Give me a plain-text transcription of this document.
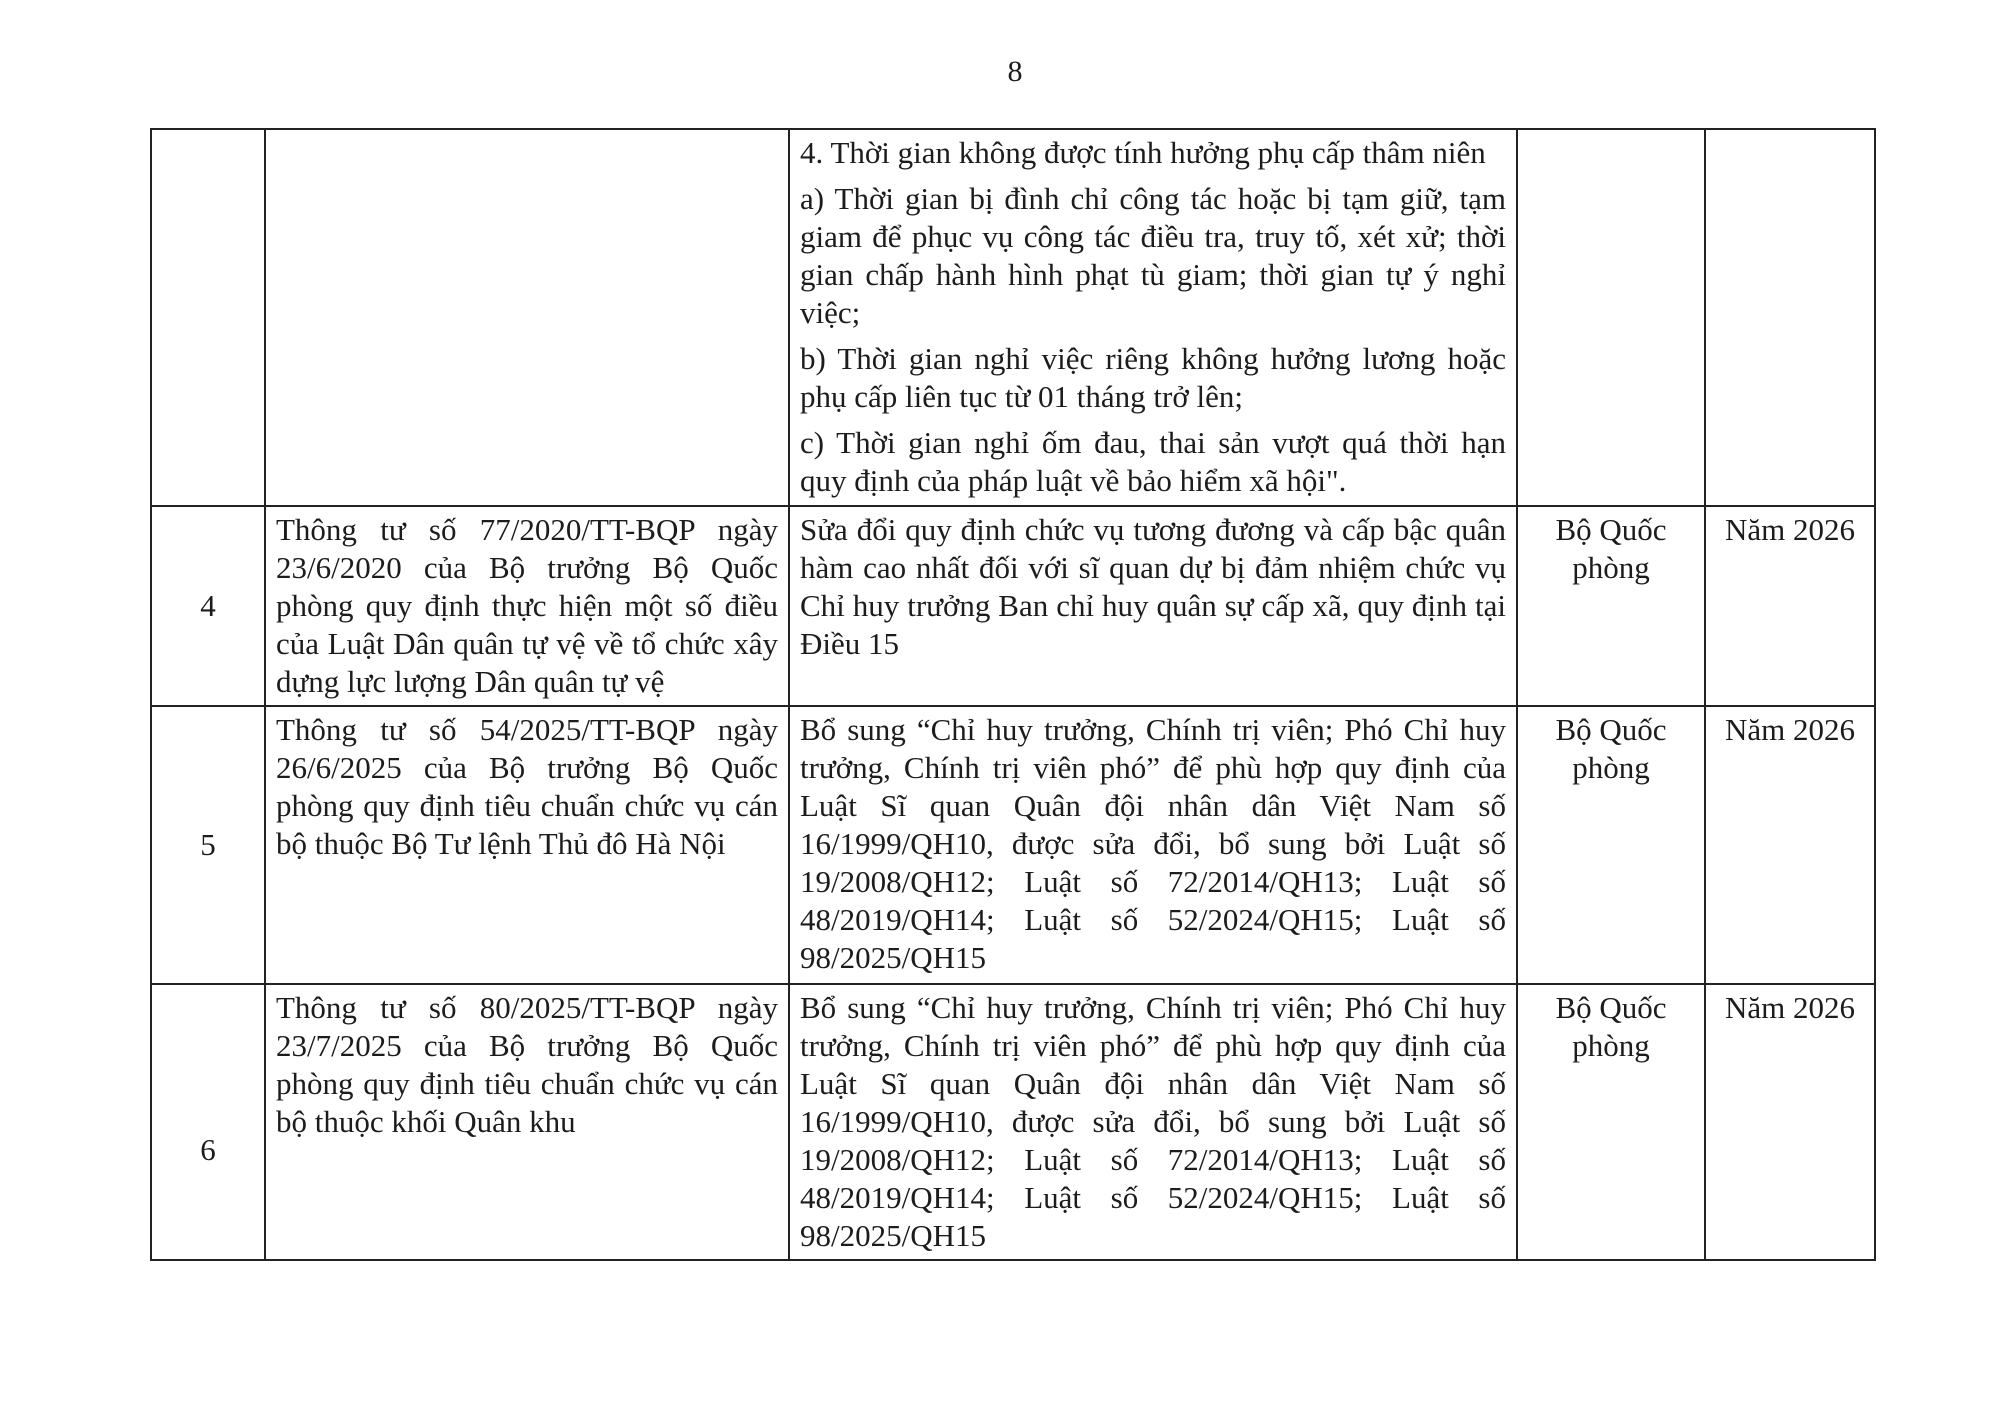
8

		4. Thời gian không được tính hưởng phụ cấp thâm niên

a) Thời gian bị đình chỉ công tác hoặc bị tạm giữ, tạm giam để phục vụ công tác điều tra, truy tố, xét xử; thời gian chấp hành hình phạt tù giam; thời gian tự ý nghỉ việc;

b) Thời gian nghỉ việc riêng không hưởng lương hoặc phụ cấp liên tục từ 01 tháng trở lên;

c) Thời gian nghỉ ốm đau, thai sản vượt quá thời hạn quy định của pháp luật về bảo hiểm xã hội".		

4	Thông tư số 77/2020/TT-BQP ngày 23/6/2020 của Bộ trưởng Bộ Quốc phòng quy định thực hiện một số điều của Luật Dân quân tự vệ về tổ chức xây dựng lực lượng Dân quân tự vệ	Sửa đổi quy định chức vụ tương đương và cấp bậc quân hàm cao nhất đối với sĩ quan dự bị đảm nhiệm chức vụ Chỉ huy trưởng Ban chỉ huy quân sự cấp xã, quy định tại Điều 15	Bộ Quốc phòng	Năm 2026
5	Thông tư số 54/2025/TT-BQP ngày 26/6/2025 của Bộ trưởng Bộ Quốc phòng quy định tiêu chuẩn chức vụ cán bộ thuộc Bộ Tư lệnh Thủ đô Hà Nội	Bổ sung “Chỉ huy trưởng, Chính trị viên; Phó Chỉ huy trưởng, Chính trị viên phó” để phù hợp quy định của Luật Sĩ quan Quân đội nhân dân Việt Nam số 16/1999/QH10, được sửa đổi, bổ sung bởi Luật số 19/2008/QH12; Luật số 72/2014/QH13; Luật số 48/2019/QH14; Luật số 52/2024/QH15; Luật số 98/2025/QH15	Bộ Quốc phòng	Năm 2026
6	Thông tư số 80/2025/TT-BQP ngày 23/7/2025 của Bộ trưởng Bộ Quốc phòng quy định tiêu chuẩn chức vụ cán bộ thuộc khối Quân khu	Bổ sung “Chỉ huy trưởng, Chính trị viên; Phó Chỉ huy trưởng, Chính trị viên phó” để phù hợp quy định của Luật Sĩ quan Quân đội nhân dân Việt Nam số 16/1999/QH10, được sửa đổi, bổ sung bởi Luật số 19/2008/QH12; Luật số 72/2014/QH13; Luật số 48/2019/QH14; Luật số 52/2024/QH15; Luật số 98/2025/QH15	Bộ Quốc phòng	Năm 2026
